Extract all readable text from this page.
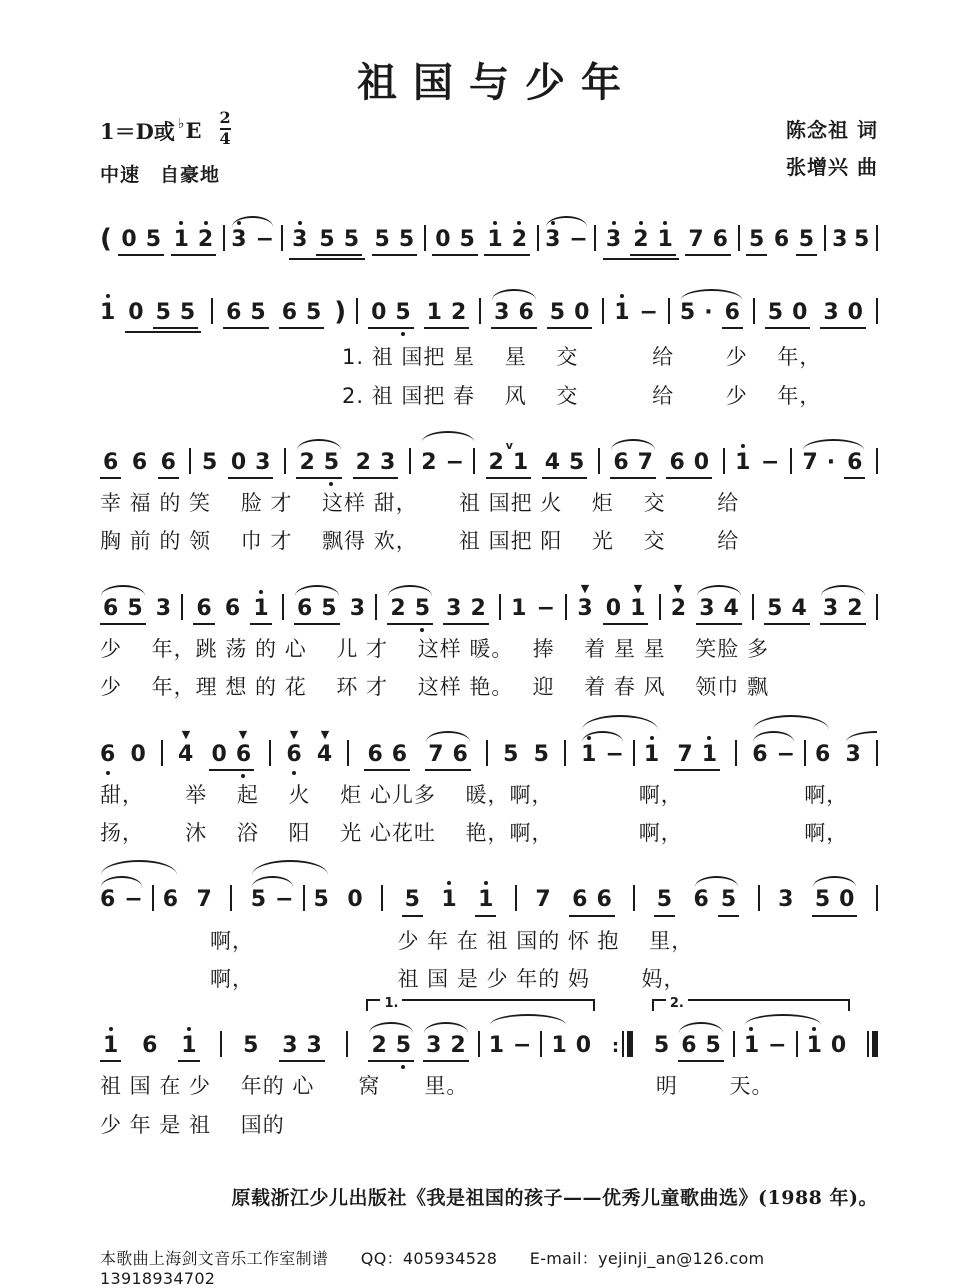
祖国与少年
1＝D或 ♭ E $\frac{2}{4}$
中速　自豪地
陈念祖 词
张增兴 曲
( 0 5 1 2 3 − 3 5 5 5 5 0 5 1 2 3 − 3 2 1 7 6 5 6 5 3 5
1 0 5 5 6 5 6 5 ) 0 5 1 2 3 6 5 0 1 − 5 · 6 5 0 3 0
　　　　　　　　　　　1. 祖 国把 星　 星　 交　　　 给　　 少　 年，
　　　　　　　　　　　2. 祖 国把 春　 风　 交　　　 给　　 少　 年，
6 6 6 5 0 3 2 5 2 3 2 − 2
v
1 4 5 6 7 6 0 1 − 7 · 6
幸 福 的 笑　 脸 才　 这样 甜，　　 祖 国把 火　 炬　 交　　 给
胸 前 的 领　 巾 才　 飘得 欢，　　 祖 国把 阳　 光　 交　　 给
6 5 3 6 6 1 6 5 3 2 5 3 2 1 − 3
▼
0 1
▼
2
▼
3 4 5 4 3 2
少　 年，跳 荡 的 心　 儿 才　 这样 暖。　 捧　 着 星 星　 笑脸 多
少　 年，理 想 的 花　 环 才　 这样 艳。　 迎　 着 春 风　 领巾 飘
6 0 4
▼
0 6
▼
6
▼
4
▼
6 6 7 6 5 5 1 − 1 7 1 6 − 6 3
甜，　　 举　 起　 火　 炬 心儿多　 暖，啊，　　　　 啊，　　　　　　啊，
扬，　　 沐　 浴　 阳　 光 心花吐　 艳，啊，　　　　 啊，　　　　　　啊，
6 − 6 7 5 − 5 0 5 1 1 7 6 6 5 6 5 3 5 0
　　　　　啊，　　　　　　　少 年 在 祖 国的 怀 抱　 里，
　　　　　啊，　　　　　　　祖 国 是 少 年的 妈　　 妈，
1 6 1 5 3 3
1.
2 5 3 2 1 − 1 0 :
2.
5 6 5 1 − 1 0
祖 国 在 少　 年的 心　　窝　　里。　　　　　　　　　明　　 天。
少 年 是 祖　 国的
原载浙江少儿出版社《我是祖国的孩子——优秀儿童歌曲选》(1988 年)。
本歌曲上海剑文音乐工作室制谱　　QQ：405934528　　E-mail：yejinji_an@126.com　　13918934702
